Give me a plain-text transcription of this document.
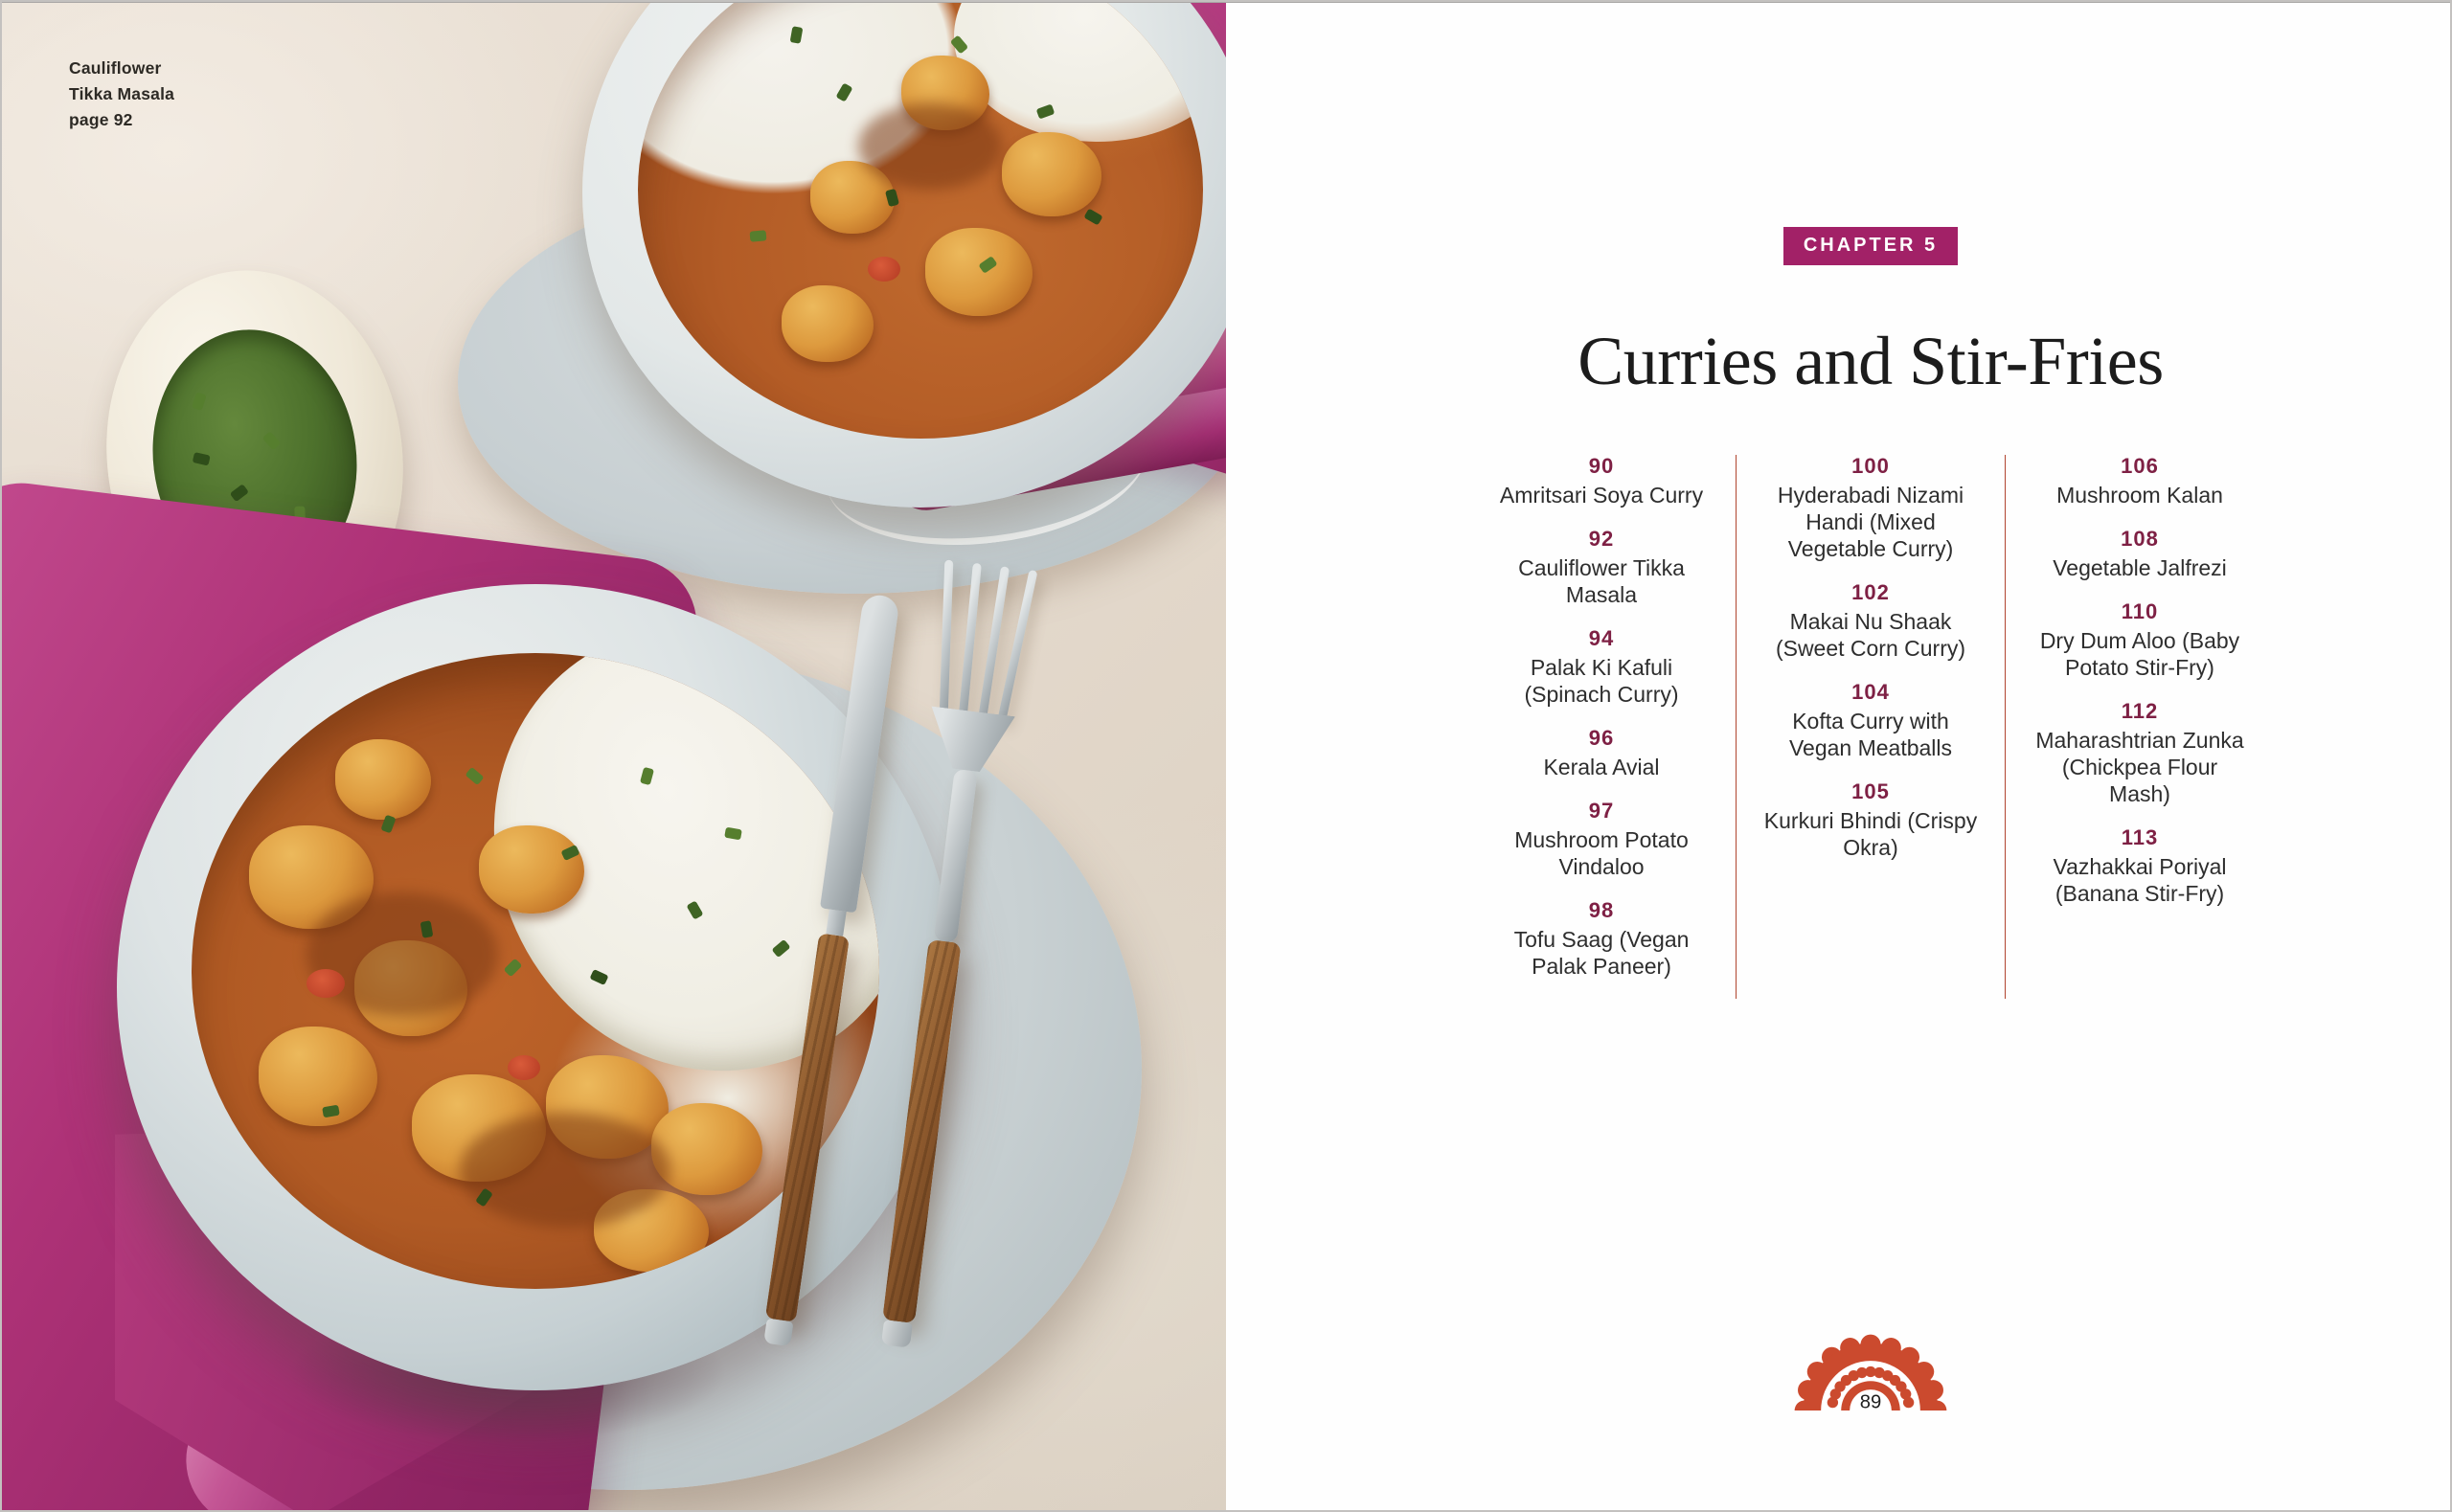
Cauliflower
Tikka Masala
page 92
CHAPTER 5
Curries and Stir-Fries
90
Amritsari Soya Curry
92
Cauliflower Tikka Masala
94
Palak Ki Kafuli (Spinach Curry)
96
Kerala Avial
97
Mushroom Potato Vindaloo
98
Tofu Saag (Vegan Palak Paneer)
100
Hyderabadi Nizami Handi (Mixed Vegetable Curry)
102
Makai Nu Shaak (Sweet Corn Curry)
104
Kofta Curry with Vegan Meatballs
105
Kurkuri Bhindi (Crispy Okra)
106
Mushroom Kalan
108
Vegetable Jalfrezi
110
Dry Dum Aloo (Baby Potato Stir-Fry)
112
Maharashtrian Zunka (Chickpea Flour Mash)
113
Vazhakkai Poriyal (Banana Stir-Fry)
89
